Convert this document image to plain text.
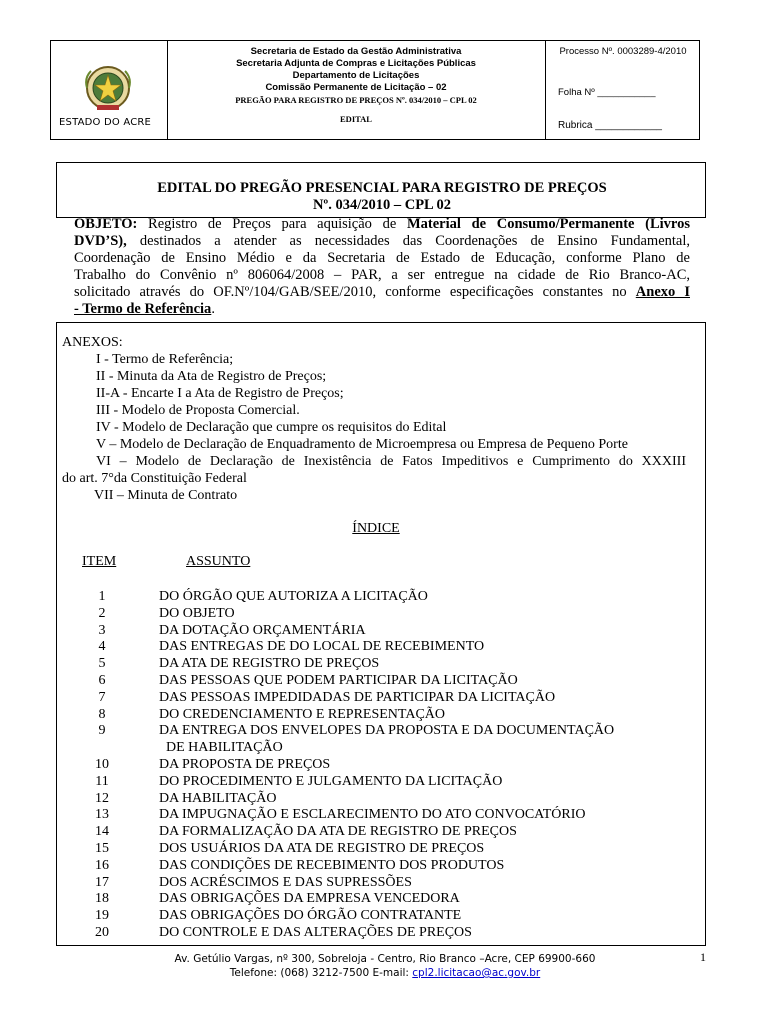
ESTADO DO ACRE
Secretaria de Estado da Gestão Administrativa
Secretaria Adjunta de Compras e Licitações Públicas
Departamento de Licitações
Comissão Permanente de Licitação – 02
PREGÃO PARA REGISTRO DE PREÇOS Nº. 034/2010 – CPL 02
EDITAL
Processo Nº. 0003289-4/2010
Folha Nº ___________
Rubrica ____________
EDITAL DO PREGÃO PRESENCIAL PARA REGISTRO DE PREÇOS
Nº. 034/2010 – CPL 02
OBJETO: Registro de Preços para aquisição de Material de Consumo/Permanente (Livros
DVD’S), destinados a atender as necessidades das Coordenações de Ensino Fundamental,
Coordenação de Ensino Médio e da Secretaria de Estado de Educação, conforme Plano de
Trabalho do Convênio nº 806064/2008 – PAR, a ser entregue na cidade de Rio Branco-AC,
solicitado através do OF.Nº/104/GAB/SEE/2010, conforme especificações constantes no Anexo I
- Termo de Referência.
ANEXOS:
I - Termo de Referência;
II - Minuta da Ata de Registro de Preços;
II-A - Encarte I a Ata de Registro de Preços;
III - Modelo de Proposta Comercial.
IV - Modelo de Declaração que cumpre os requisitos do Edital
V – Modelo de Declaração de Enquadramento de Microempresa ou Empresa de Pequeno Porte
VI – Modelo de Declaração de Inexistência de Fatos Impeditivos e Cumprimento do XXXIII
do art. 7°da Constituição Federal
VII – Minuta de Contrato
ÍNDICE
ITEM	ASSUNTO
1	DO ÓRGÃO QUE AUTORIZA A LICITAÇÃO
2	DO OBJETO
3	DA DOTAÇÃO ORÇAMENTÁRIA
4	DAS ENTREGAS DE DO LOCAL DE RECEBIMENTO
5	DA ATA DE REGISTRO DE PREÇOS
6	DAS PESSOAS QUE PODEM PARTICIPAR DA LICITAÇÃO
7	DAS PESSOAS IMPEDIDADAS DE PARTICIPAR DA LICITAÇÃO
8	DO CREDENCIAMENTO E REPRESENTAÇÃO
9	DA ENTREGA DOS ENVELOPES DA PROPOSTA E DA DOCUMENTAÇÃO
DE HABILITAÇÃO
10	DA PROPOSTA DE PREÇOS
11	DO PROCEDIMENTO E JULGAMENTO DA LICITAÇÃO
12	DA HABILITAÇÃO
13	DA IMPUGNAÇÃO E ESCLARECIMENTO DO ATO CONVOCATÓRIO
14	DA FORMALIZAÇÃO DA ATA DE REGISTRO DE PREÇOS
15	DOS USUÁRIOS DA ATA DE REGISTRO DE PREÇOS
16	DAS CONDIÇÕES DE RECEBIMENTO DOS PRODUTOS
17	DOS ACRÉSCIMOS E DAS SUPRESSÕES
18	DAS OBRIGAÇÕES DA EMPRESA VENCEDORA
19	DAS OBRIGAÇÕES DO ÓRGÃO CONTRATANTE
20	DO CONTROLE E DAS ALTERAÇÕES DE PREÇOS
Av. Getúlio Vargas, nº 300, Sobreloja - Centro, Rio Branco –Acre, CEP 69900-660
Telefone: (068) 3212-7500 E-mail: cpl2.licitacao@ac.gov.br
1
